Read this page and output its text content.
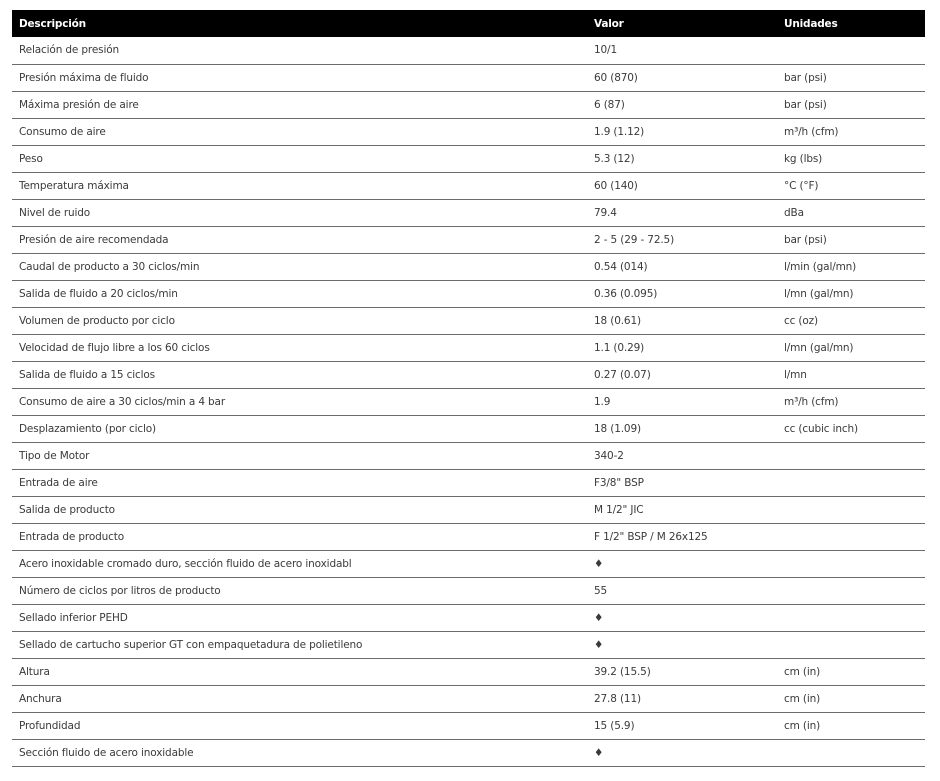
Descripción	Valor	Unidades
Relación de presión	10/1	
Presión máxima de fluido	60 (870)	bar (psi)
Máxima presión de aire	6 (87)	bar (psi)
Consumo de aire	1.9 (1.12)	m³/h (cfm)
Peso	5.3 (12)	kg (lbs)
Temperatura máxima	60 (140)	°C (°F)
Nivel de ruido	79.4	dBa
Presión de aire recomendada	2 - 5 (29 - 72.5)	bar (psi)
Caudal de producto a 30 ciclos/min	0.54 (014)	l/min (gal/mn)
Salida de fluido a 20 ciclos/min	0.36 (0.095)	l/mn (gal/mn)
Volumen de producto por ciclo	18 (0.61)	cc (oz)
Velocidad de flujo libre a los 60 ciclos	1.1 (0.29)	l/mn (gal/mn)
Salida de fluido a 15 ciclos	0.27 (0.07)	l/mn
Consumo de aire a 30 ciclos/min a 4 bar	1.9	m³/h (cfm)
Desplazamiento (por ciclo)	18 (1.09)	cc (cubic inch)
Tipo de Motor	340-2	
Entrada de aire	F3/8" BSP	
Salida de producto	M 1/2" JIC	
Entrada de producto	F 1/2" BSP / M 26x125	
Acero inoxidable cromado duro, sección fluido de acero inoxidabl	♦	
Número de ciclos por litros de producto	55	
Sellado inferior PEHD	♦	
Sellado de cartucho superior GT con empaquetadura de polietileno	♦	
Altura	39.2 (15.5)	cm (in)
Anchura	27.8 (11)	cm (in)
Profundidad	15 (5.9)	cm (in)
Sección fluido de acero inoxidable	♦	
